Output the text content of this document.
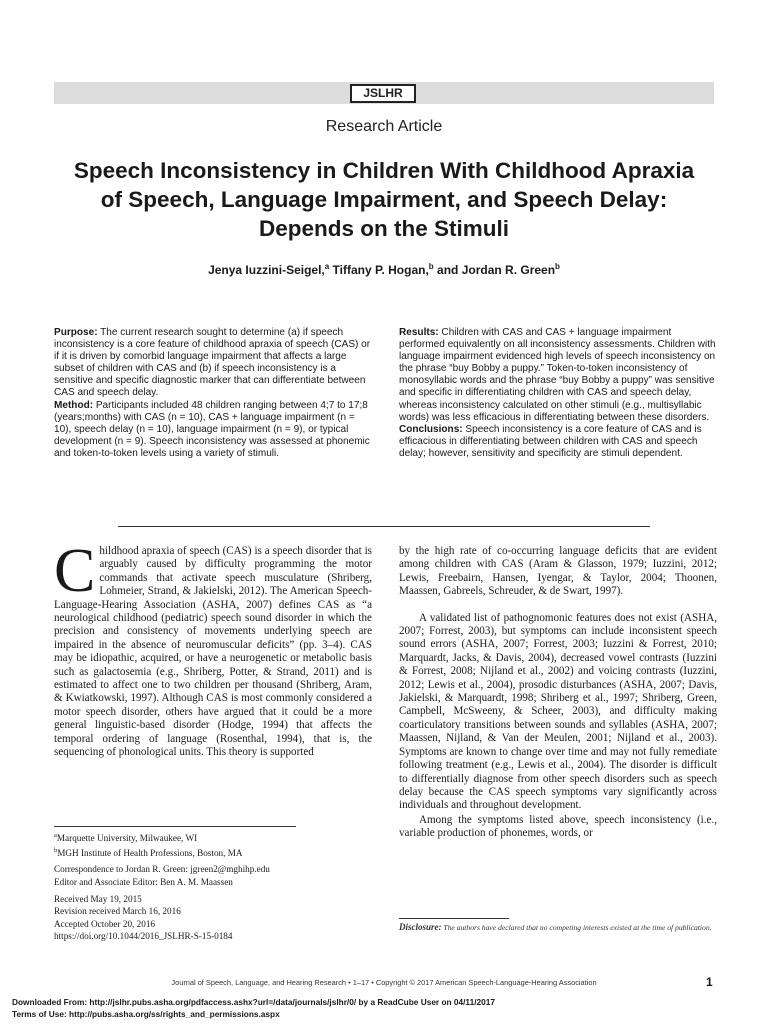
JSLHR
Research Article
Speech Inconsistency in Children With Childhood Apraxia of Speech, Language Impairment, and Speech Delay: Depends on the Stimuli
Jenya Iuzzini-Seigel,$^a$ Tiffany P. Hogan,$^b$ and Jordan R. Green$^b$

Purpose: The current research sought to determine (a) if speech inconsistency is a core feature of childhood apraxia of speech (CAS) or if it is driven by comorbid language impairment that affects a large subset of children with CAS and (b) if speech inconsistency is a sensitive and specific diagnostic marker that can differentiate between CAS and speech delay.

Method: Participants included 48 children ranging between 4;7 to 17;8 (years;months) with CAS (n = 10), CAS + language impairment (n = 10), speech delay (n = 10), language impairment (n = 9), or typical development (n = 9). Speech inconsistency was assessed at phonemic and token-to-token levels using a variety of stimuli.

Results: Children with CAS and CAS + language impairment performed equivalently on all inconsistency assessments. Children with language impairment evidenced high levels of speech inconsistency on the phrase “buy Bobby a puppy.” Token-to-token inconsistency of monosyllabic words and the phrase “buy Bobby a puppy” was sensitive and specific in differentiating children with CAS and speech delay, whereas inconsistency calculated on other stimuli (e.g., multisyllabic words) was less efficacious in differentiating between these disorders.

Conclusions: Speech inconsistency is a core feature of CAS and is efficacious in differentiating between children with CAS and speech delay; however, sensitivity and specificity are stimuli dependent.

Childhood apraxia of speech (CAS) is a speech disorder that is arguably caused by difficulty programming the motor commands that activate speech musculature (Shriberg, Lohmeier, Strand, & Jakielski, 2012). The American Speech-Language-Hearing Association (ASHA, 2007) defines CAS as “a neurological childhood (pediatric) speech sound disorder in which the precision and consistency of movements underlying speech are impaired in the absence of neuromuscular deficits” (pp. 3–4). CAS may be idiopathic, acquired, or have a neurogenetic or metabolic basis such as galactosemia (e.g., Shriberg, Potter, & Strand, 2011) and is estimated to affect one to two children per thousand (Shriberg, Aram, & Kwiatkowski, 1997). Although CAS is most commonly considered a motor speech disorder, others have argued that it could be a more general linguistic-based disorder (Hodge, 1994) that affects the temporal ordering of language (Rosenthal, 1994), that is, the sequencing of phonological units. This theory is supported

by the high rate of co-occurring language deficits that are evident among children with CAS (Aram & Glasson, 1979; Iuzzini, 2012; Lewis, Freebairn, Hansen, Iyengar, & Taylor, 2004; Thoonen, Maassen, Gabreels, Schreuder, & de Swart, 1997).

A validated list of pathognomonic features does not exist (ASHA, 2007; Forrest, 2003), but symptoms can include inconsistent speech sound errors (ASHA, 2007; Forrest, 2003; Iuzzini & Forrest, 2010; Marquardt, Jacks, & Davis, 2004), decreased vowel contrasts (Iuzzini & Forrest, 2008; Nijland et al., 2002) and voicing contrasts (Iuzzini, 2012; Lewis et al., 2004), prosodic disturbances (ASHA, 2007; Davis, Jakielski, & Marquardt, 1998; Shriberg et al., 1997; Shriberg, Green, Campbell, McSweeny, & Scheer, 2003), and difficulty making coarticulatory transitions between sounds and syllables (ASHA, 2007; Maassen, Nijland, & Van der Meulen, 2001; Nijland et al., 2003). Symptoms are known to change over time and may not fully remediate following treatment (e.g., Lewis et al., 2004). The disorder is difficult to differentially diagnose from other speech disorders such as speech delay because the CAS speech symptoms vary significantly across individuals and throughout development.

Among the symptoms listed above, speech inconsistency (i.e., variable production of phonemes, words, or

$^a$Marquette University, Milwaukee, WI
$^b$MGH Institute of Health Professions, Boston, MA
Correspondence to Jordan R. Green: jgreen2@mghihp.edu
Editor and Associate Editor: Ben A. M. Maassen
Received May 19, 2015
Revision received March 16, 2016
Accepted October 20, 2016
https://doi.org/10.1044/2016_JSLHR-S-15-0184
Disclosure: The authors have declared that no competing interests existed at the time of publication.
Journal of Speech, Language, and Hearing Research • 1–17 • Copyright © 2017 American Speech-Language-Hearing Association	1
Downloaded From: http://jslhr.pubs.asha.org/pdfaccess.ashx?url=/data/journals/jslhr/0/ by a ReadCube User on 04/11/2017
Terms of Use: http://pubs.asha.org/ss/rights_and_permissions.aspx
